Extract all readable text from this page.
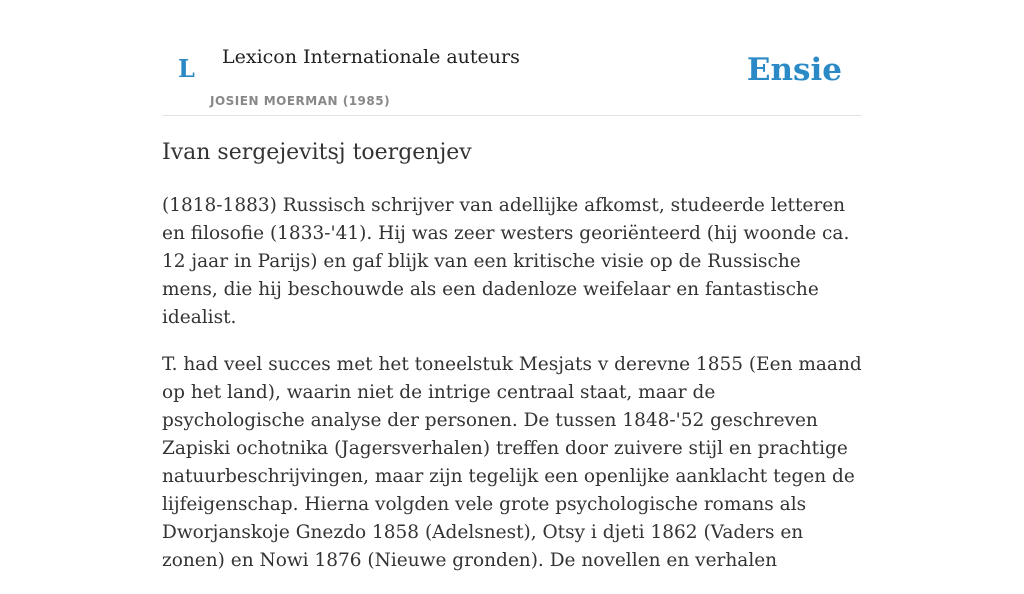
L Lexicon Internationale auteurs
JOSIEN MOERMAN (1985)
Ensie
Ivan sergejevitsj toergenjev

(1818-1883) Russisch schrijver van adellijke afkomst, studeerde letteren en filosofie (1833-'41). Hij was zeer westers georiënteerd (hij woonde ca. 12 jaar in Parijs) en gaf blijk van een kritische visie op de Russische mens, die hij beschouwde als een dadenloze weifelaar en fantastische idealist.

T. had veel succes met het toneelstuk Mesjats v derevne 1855 (Een maand op het land), waarin niet de intrige centraal staat, maar de psychologische analyse der personen. De tussen 1848-'52 geschreven Zapiski ochotnika (Jagersverhalen) treffen door zuivere stijl en prachtige natuurbeschrijvingen, maar zijn tegelijk een openlijke aanklacht tegen de lijfeigenschap. Hierna volgden vele grote psychologische romans als Dworjanskoje Gnezdo 1858 (Adelsnest), Otsy i djeti 1862 (Vaders en zonen) en Nowi 1876 (Nieuwe gronden). De novellen en verhalen
